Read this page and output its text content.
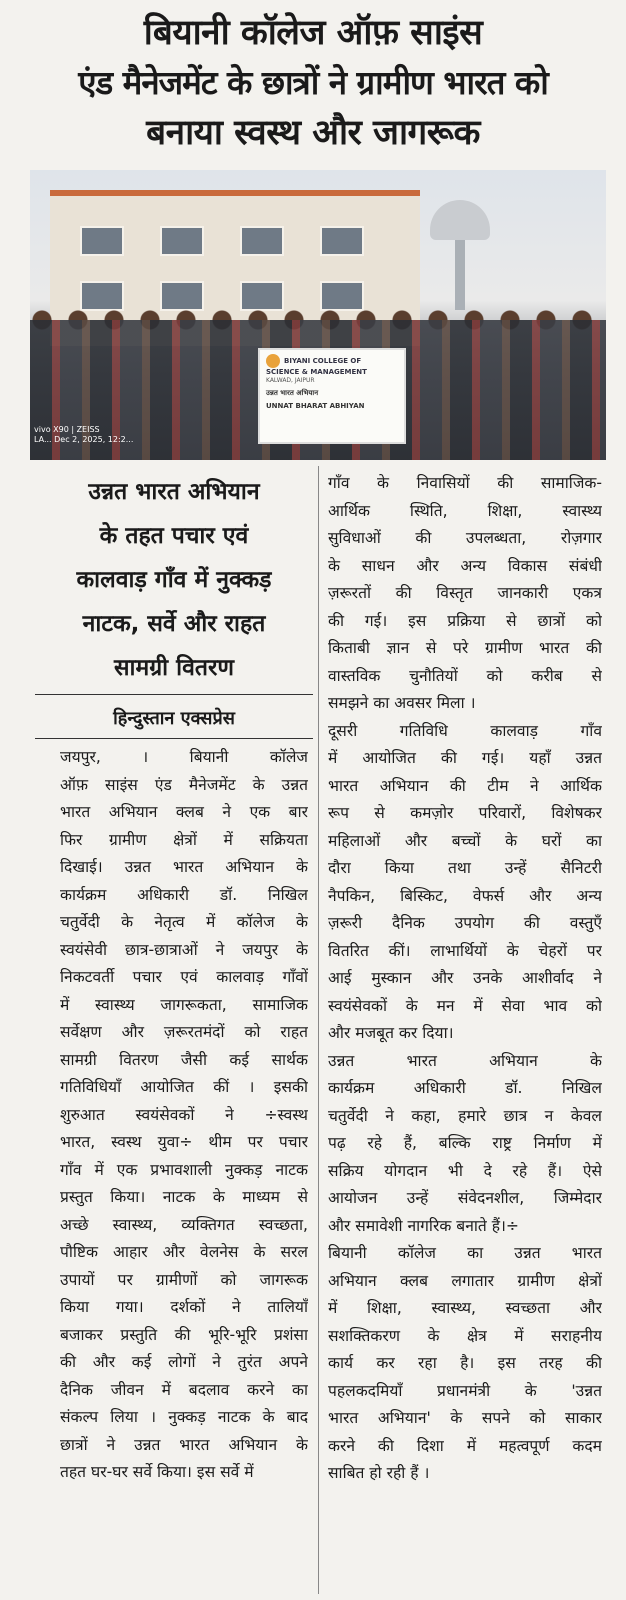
बियानी कॉलेज ऑफ़ साइंस
एंड मैनेजमेंट के छात्रों ने ग्रामीण भारत को
बनाया स्वस्थ और जागरूक
BIYANI COLLEGE OF
SCIENCE & MANAGEMENT
KALWAD, JAIPUR
उन्नत भारत अभियान
UNNAT BHARAT ABHIYAN
vivo X90 | ZEISS
LA... Dec 2, 2025, 12:2...
उन्नत भारत अभियान
के तहत पचार एवं
कालवाड़ गाँव में नुक्कड़
नाटक, सर्वे और राहत
सामग्री वितरण
हिन्दुस्तान एक्सप्रेस
जयपुर, । बियानी कॉलेज
ऑफ़ साइंस एंड मैनेजमेंट के उन्नत
भारत अभियान क्लब ने एक बार
फिर ग्रामीण क्षेत्रों में सक्रियता
दिखाई। उन्नत भारत अभियान के
कार्यक्रम अधिकारी डॉ. निखिल
चतुर्वेदी के नेतृत्व में कॉलेज के
स्वयंसेवी छात्र-छात्राओं ने जयपुर के
निकटवर्ती पचार एवं कालवाड़ गाँवों
में स्वास्थ्य जागरूकता, सामाजिक
सर्वेक्षण और ज़रूरतमंदों को राहत
सामग्री वितरण जैसी कई सार्थक
गतिविधियाँ आयोजित कीं । इसकी
शुरुआत स्वयंसेवकों ने ÷स्वस्थ
भारत, स्वस्थ युवा÷ थीम पर पचार
गाँव में एक प्रभावशाली नुक्कड़ नाटक
प्रस्तुत किया। नाटक के माध्यम से
अच्छे स्वास्थ्य, व्यक्तिगत स्वच्छता,
पौष्टिक आहार और वेलनेस के सरल
उपायों पर ग्रामीणों को जागरूक
किया गया। दर्शकों ने तालियाँ
बजाकर प्रस्तुति की भूरि-भूरि प्रशंसा
की और कई लोगों ने तुरंत अपने
दैनिक जीवन में बदलाव करने का
संकल्प लिया । नुक्कड़ नाटक के बाद
छात्रों ने उन्नत भारत अभियान के
तहत घर-घर सर्वे किया। इस सर्वे में
गाँव के निवासियों की सामाजिक-
आर्थिक स्थिति, शिक्षा, स्वास्थ्य
सुविधाओं की उपलब्धता, रोज़गार
के साधन और अन्य विकास संबंधी
ज़रूरतों की विस्तृत जानकारी एकत्र
की गई। इस प्रक्रिया से छात्रों को
किताबी ज्ञान से परे ग्रामीण भारत की
वास्तविक चुनौतियों को करीब से
समझने का अवसर मिला ।
दूसरी गतिविधि कालवाड़ गाँव
में आयोजित की गई। यहाँ उन्नत
भारत अभियान की टीम ने आर्थिक
रूप से कमज़ोर परिवारों, विशेषकर
महिलाओं और बच्चों के घरों का
दौरा किया तथा उन्हें सैनिटरी
नैपकिन, बिस्किट, वेफर्स और अन्य
ज़रूरी दैनिक उपयोग की वस्तुएँ
वितरित कीं। लाभार्थियों के चेहरों पर
आई मुस्कान और उनके आशीर्वाद ने
स्वयंसेवकों के मन में सेवा भाव को
और मजबूत कर दिया।
उन्नत भारत अभियान के
कार्यक्रम अधिकारी डॉ. निखिल
चतुर्वेदी ने कहा, हमारे छात्र न केवल
पढ़ रहे हैं, बल्कि राष्ट्र निर्माण में
सक्रिय योगदान भी दे रहे हैं। ऐसे
आयोजन उन्हें संवेदनशील, जिम्मेदार
और समावेशी नागरिक बनाते हैं।÷
बियानी कॉलेज का उन्नत भारत
अभियान क्लब लगातार ग्रामीण क्षेत्रों
में शिक्षा, स्वास्थ्य, स्वच्छता और
सशक्तिकरण के क्षेत्र में सराहनीय
कार्य कर रहा है। इस तरह की
पहलकदमियाँ प्रधानमंत्री के 'उन्नत
भारत अभियान' के सपने को साकार
करने की दिशा में महत्वपूर्ण कदम
साबित हो रही हैं ।
